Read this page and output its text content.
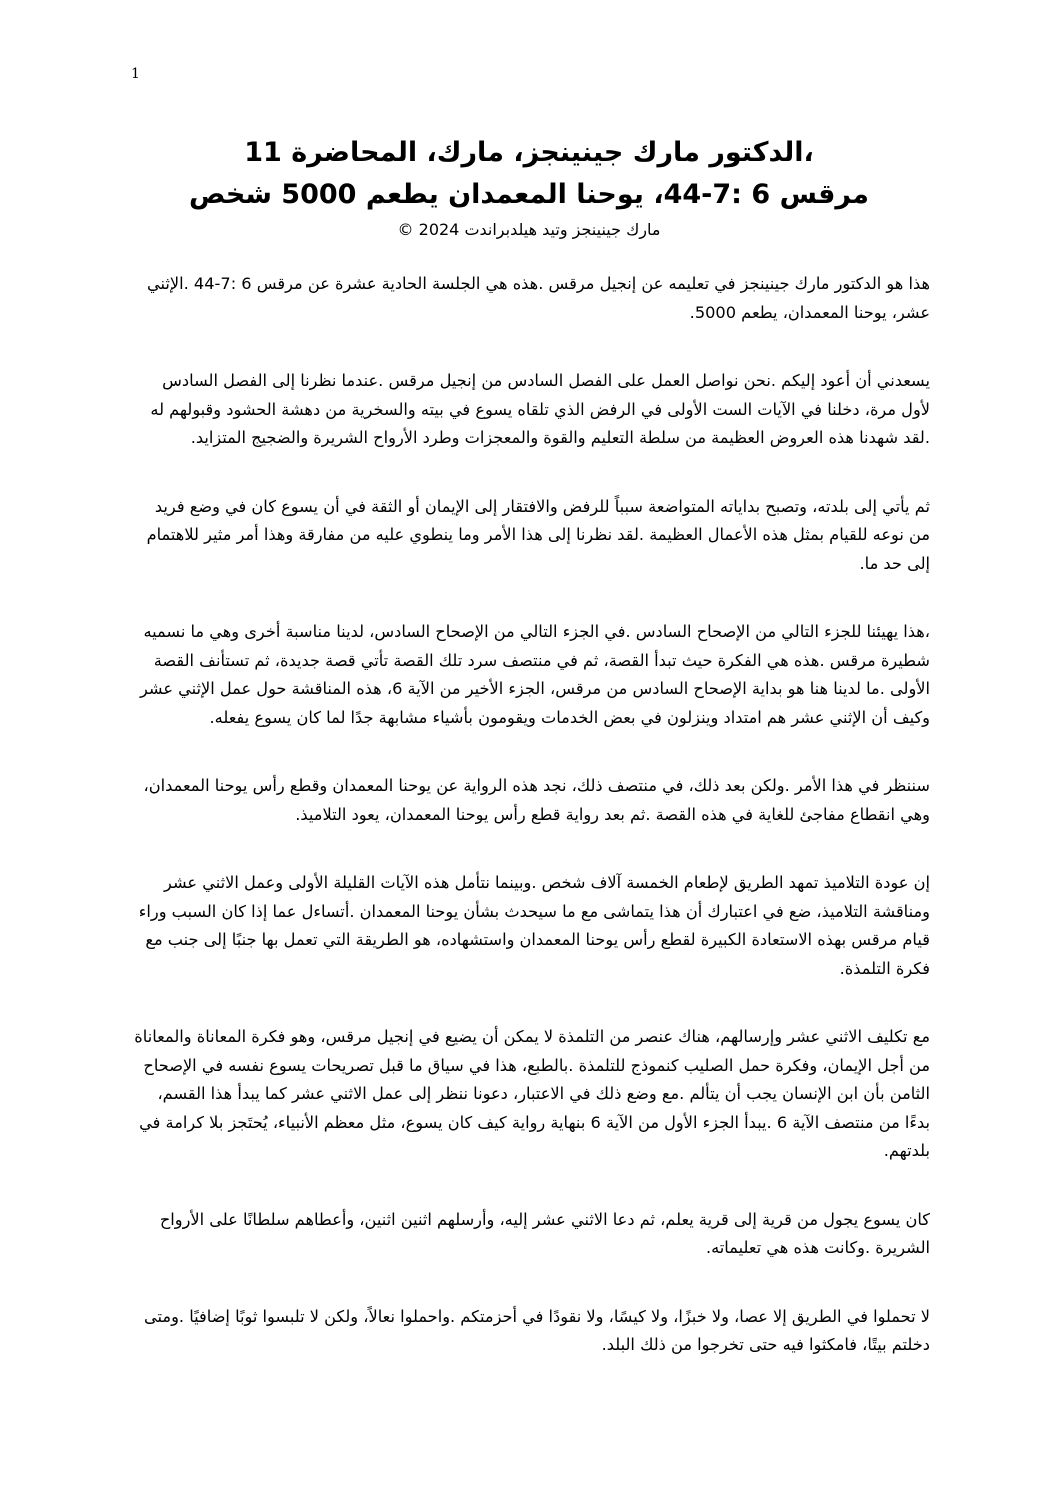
1

،الدكتور مارك جينينجز، مارك، المحاضرة 11

مرقس 6 :7-44، يوحنا المعمدان يطعم 5000 شخص

مارك جينينجز وتيد هيلدبراندت 2024 ©

هذا هو الدكتور مارك جينينجز في تعليمه عن إنجيل مرقس .هذه هي الجلسة الحادية عشرة عن مرقس 6 :7-44 .الإثني عشر، يوحنا المعمدان، يطعم 5000.

يسعدني أن أعود إليكم .نحن نواصل العمل على الفصل السادس من إنجيل مرقس .عندما نظرنا إلى الفصل السادس لأول مرة، دخلنا في الآيات الست الأولى في الرفض الذي تلقاه يسوع في بيته والسخرية من دهشة الحشود وقبولهم له .لقد شهدنا هذه العروض العظيمة من سلطة التعليم والقوة والمعجزات وطرد الأرواح الشريرة والضجيج المتزايد.

ثم يأتي إلى بلدته، وتصبح بداياته المتواضعة سبباً للرفض والافتقار إلى الإيمان أو الثقة في أن يسوع كان في وضع فريد من نوعه للقيام بمثل هذه الأعمال العظيمة .لقد نظرنا إلى هذا الأمر وما ينطوي عليه من مفارقة وهذا أمر مثير للاهتمام إلى حد ما.

،هذا يهيئنا للجزء التالي من الإصحاح السادس .في الجزء التالي من الإصحاح السادس، لدينا مناسبة أخرى وهي ما نسميه شطيرة مرقس .هذه هي الفكرة حيث تبدأ القصة، ثم في منتصف سرد تلك القصة تأتي قصة جديدة، ثم تستأنف القصة الأولى .ما لدينا هنا هو بداية الإصحاح السادس من مرقس، الجزء الأخير من الآية 6، هذه المناقشة حول عمل الإثني عشر وكيف أن الإثني عشر هم امتداد وينزلون في بعض الخدمات ويقومون بأشياء مشابهة جدًا لما كان يسوع يفعله.

سننظر في هذا الأمر .ولكن بعد ذلك، في منتصف ذلك، نجد هذه الرواية عن يوحنا المعمدان وقطع رأس يوحنا المعمدان، وهي انقطاع مفاجئ للغاية في هذه القصة .ثم بعد رواية قطع رأس يوحنا المعمدان، يعود التلاميذ.

إن عودة التلاميذ تمهد الطريق لإطعام الخمسة آلاف شخص .وبينما نتأمل هذه الآيات القليلة الأولى وعمل الاثني عشر ومناقشة التلاميذ، ضع في اعتبارك أن هذا يتماشى مع ما سيحدث بشأن يوحنا المعمدان .أتساءل عما إذا كان السبب وراء قيام مرقس بهذه الاستعادة الكبيرة لقطع رأس يوحنا المعمدان واستشهاده، هو الطريقة التي تعمل بها جنبًا إلى جنب مع فكرة التلمذة.

مع تكليف الاثني عشر وإرسالهم، هناك عنصر من التلمذة لا يمكن أن يضيع في إنجيل مرقس، وهو فكرة المعاناة والمعاناة من أجل الإيمان، وفكرة حمل الصليب كنموذج للتلمذة .بالطبع، هذا في سياق ما قبل تصريحات يسوع نفسه في الإصحاح الثامن بأن ابن الإنسان يجب أن يتألم .مع وضع ذلك في الاعتبار، دعونا ننظر إلى عمل الاثني عشر كما يبدأ هذا القسم، بدءًا من منتصف الآية 6 .يبدأ الجزء الأول من الآية 6 بنهاية رواية كيف كان يسوع، مثل معظم الأنبياء، يُحتَجز بلا كرامة في بلدتهم.

كان يسوع يجول من قرية إلى قرية يعلم، ثم دعا الاثني عشر إليه، وأرسلهم اثنين اثنين، وأعطاهم سلطانًا على الأرواح الشريرة .وكانت هذه هي تعليماته.

لا تحملوا في الطريق إلا عصا، ولا خبزًا، ولا كيسًا، ولا نقودًا في أحزمتكم .واحملوا نعالاً، ولكن لا تلبسوا ثوبًا إضافيًا .ومتى دخلتم بيتًا، فامكثوا فيه حتى تخرجوا من ذلك البلد.
